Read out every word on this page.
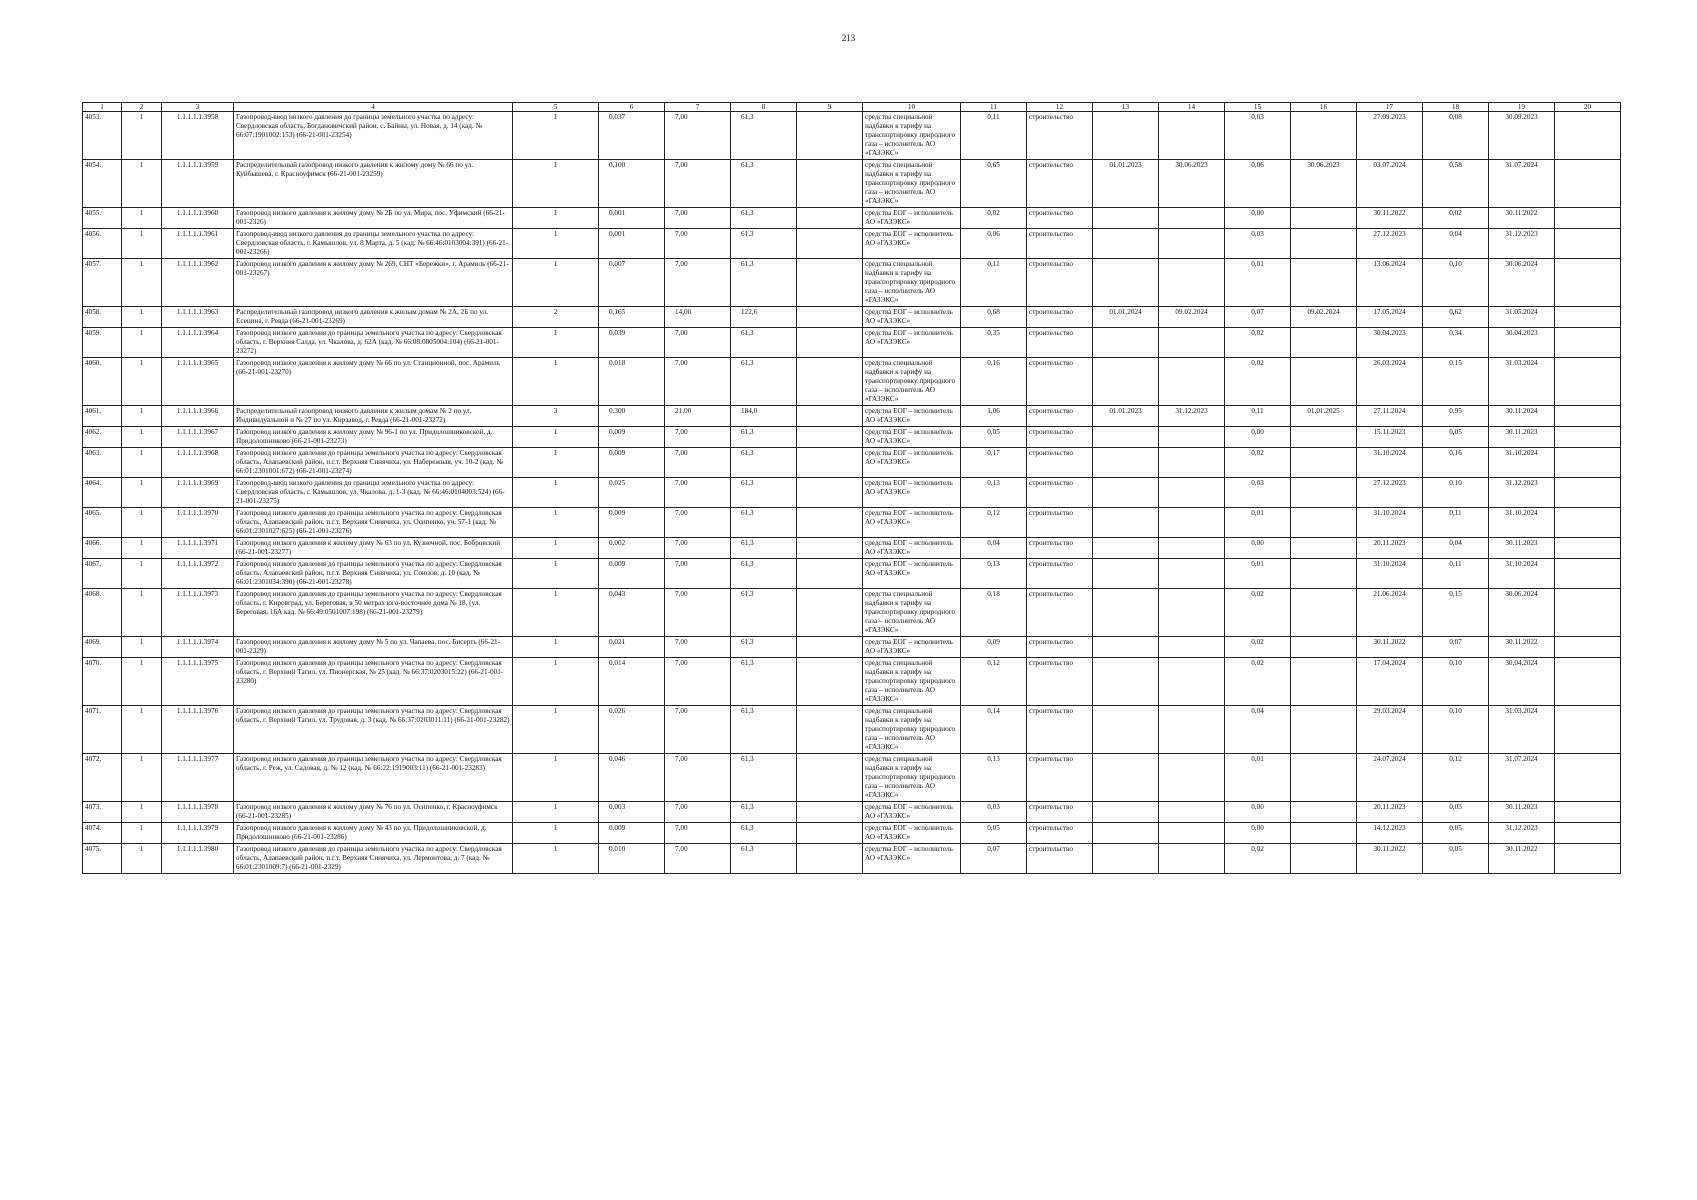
213
1	2	3	4	5	6	7	8	9	10	11	12	13	14	15	16	17	18	19	20
4053.	1	1.1.1.1.1.3958	Газопровод-ввод низкого давления до границы земельного участка по адресу: Свердловская область, Богдановичский район, с. Байны, ул. Новая, д. 14 (кад. № 66:07:1901002:153) (66-21-001-23254)	1	0,037	7,00	61,3		средства специальной надбавки к тарифу на транспортировку природного газа – исполнитель АО «ГАЗЭКС»	0,11	строительство			0,03		27.09.2023	0,08	30.09.2023	
4054.	1	1.1.1.1.1.3959	Распределительный газопровод низкого давления к жилому дому № 66 по ул. Куйбышева, г. Красноуфимск (66-21-001-23259)	1	0,100	7,00	61,3		средства специальной надбавки к тарифу на транспортировку природного газа – исполнитель АО «ГАЗЭКС»	0,65	строительство	01.01.2023	30.06.2023	0,06	30.06.2023	03.07.2024	0,58	31.07.2024	
4055.	1	1.1.1.1.1.3960	Газопровод низкого давления к жилому дому № 2Б по ул. Мира, пос. Уфимский (66-21-001-2326)	1	0,001	7,00	61,3		средства ЕОГ – исполнитель АО «ГАЗЭКС»	0,02	строительство			0,00		30.11.2022	0,02	30.11.2022	
4056.	1	1.1.1.1.1.3961	Газопровод-ввод низкого давления до границы земельного участка по адресу: Свердловская область, г. Камышлов, ул. 8 Марта, д. 5 (кад. № 66:46:0103004:391) (66-21-001-23266)	1	0,001	7,00	61,3		средства ЕОГ – исполнитель АО «ГАЗЭКС»	0,06	строительство			0,03		27.12.2023	0,04	31.12.2023	
4057.	1	1.1.1.1.1.3962	Газопровод низкого давления к жилому дому № 269, СНТ «Бережки», г. Арамиль (66-21-001-23267)	1	0,007	7,00	61,3		средства специальной надбавки к тарифу на транспортировку природного газа – исполнитель АО «ГАЗЭКС»	0,11	строительство			0,01		13.06.2024	0,10	30.06.2024	
4058.	1	1.1.1.1.1.3963	Распределительный газопровод низкого давления к жилым домам № 2А, 2Б по ул. Есенина, г. Ревда (66-21-001-23269)	2	0,165	14,00	122,6		средства ЕОГ – исполнитель АО «ГАЗЭКС»	0,68	строительство	01.01.2024	09.02.2024	0,07	09.02.2024	17.05.2024	0,62	31.05.2024	
4059.	1	1.1.1.1.1.3964	Газопровод низкого давления до границы земельного участка по адресу: Свердловская область, г. Верхняя Салда, ул. Чкалова, д. 62А (кад. № 66:08:0805004:104) (66-21-001-23272)	1	0,039	7,00	61,3		средства ЕОГ – исполнитель АО «ГАЗЭКС»	0,35	строительство			0,02		30.04.2023	0,34	30.04.2023	
4060.	1	1.1.1.1.1.3965	Газопровод низкого давления к жилому дому № 66 по ул. Станционной, пос. Арамиль (66-21-001-23270)	1	0,018	7,00	61,3		средства специальной надбавки к тарифу на транспортировку природного газа – исполнитель АО «ГАЗЭКС»	0,16	строительство			0,02		26.03.2024	0,15	31.03.2024	
4061.	1	1.1.1.1.1.3966	Распределительный газопровод низкого давления к жилым домам № 2 по ул. Индивидуальной и № 27 по ул. Кирзавод, г. Ревда (66-21-001-23272)	3	0,300	21,00	184,0		средства ЕОГ – исполнитель АО «ГАЗЭКС»	1,06	строительство	01.01.2023	31.12.2023	0,11	01.01.2025	27.11.2024	0,95	30.11.2024	
4062.	1	1.1.1.1.1.3967	Газопровод низкого давления к жилому дому № 96-1 по ул. Придолошниковской, д. Придолошниково (66-21-001-23273)	1	0,009	7,00	61,3		средства ЕОГ – исполнитель АО «ГАЗЭКС»	0,05	строительство			0,00		15.11.2023	0,05	30.11.2023	
4063.	1	1.1.1.1.1.3968	Газопровод низкого давления до границы земельного участка по адресу: Свердловская область, Алапаевский район, п.г.т. Верхняя Синячиха, ул. Набережная, уч. 10-2 (кад. № 66:01:2301001:672) (66-21-001-23274)	1	0,009	7,00	61,3		средства ЕОГ – исполнитель АО «ГАЗЭКС»	0,17	строительство			0,02		31.10.2024	0,16	31.10.2024	
4064.	1	1.1.1.1.1.3969	Газопровод-ввод низкого давления до границы земельного участка по адресу: Свердловская область, г. Камышлов, ул. Чкалова, д. 1-3 (кад. № 66:46:0104003:524) (66-21-001-23275)	1	0,025	7,00	61,3		средства ЕОГ – исполнитель АО «ГАЗЭКС»	0,13	строительство			0,03		27.12.2023	0,10	31.12.2023	
4065.	1	1.1.1.1.1.3970	Газопровод низкого давления до границы земельного участка по адресу: Свердловская область, Алапаевский район, п.г.т. Верхняя Синячиха, ул. Осипенко, уч. 57-1 (кад. № 66:01:2301027:625) (66-21-001-23276)	1	0,009	7,00	61,3		средства ЕОГ – исполнитель АО «ГАЗЭКС»	0,12	строительство			0,01		31.10.2024	0,11	31.10.2024	
4066.	1	1.1.1.1.1.3971	Газопровод низкого давления к жилому дому № 63 по ул. Кузнечной, пос. Бобровский (66-21-001-23277)	1	0,002	7,00	61,3		средства ЕОГ – исполнитель АО «ГАЗЭКС»	0,04	строительство			0,00		20.11.2023	0,04	30.11.2023	
4067.	1	1.1.1.1.1.3972	Газопровод низкого давления до границы земельного участка по адресу: Свердловская область, Алапаевский район, п.г.т. Верхняя Синячиха, ул. Союзов, д. 10 (кад. № 66:01:2301034:390) (66-21-001-23278)	1	0,009	7,00	61,3		средства ЕОГ – исполнитель АО «ГАЗЭКС»	0,13	строительство			0,01		31.10.2024	0,11	31.10.2024	
4068.	1	1.1.1.1.1.3973	Газопровод низкого давления до границы земельного участка по адресу: Свердловская область, г. Кировград, ул. Береговая, в 50 метрах юго-восточнее дома № 18, (ул. Береговая, 16А кад. № 66:49:0501007:198) (66-21-001-23279)	1	0,043	7,00	61,3		средства специальной надбавки к тарифу на транспортировку природного газа – исполнитель АО «ГАЗЭКС»	0,18	строительство			0,02		21.06.2024	0,15	30.06.2024	
4069.	1	1.1.1.1.1.3974	Газопровод низкого давления к жилому дому № 5 по ул. Чапаева, пос. Бисерть (66-21-001-2329)	1	0,021	7,00	61,3		средства ЕОГ – исполнитель АО «ГАЗЭКС»	0,09	строительство			0,02		30.11.2022	0,07	30.11.2022	
4070.	1	1.1.1.1.1.3975	Газопровод низкого давления до границы земельного участка по адресу: Свердловская область, г. Верхний Тагил, ул. Пионерская, № 25 (кад. № 66:37:0203015:22) (66-21-001-23280)	1	0,014	7,00	61,3		средства специальной надбавки к тарифу на транспортировку природного газа – исполнитель АО «ГАЗЭКС»	0,12	строительство			0,02		17.04.2024	0,10	30.04.2024	
4071.	1	1.1.1.1.1.3976	Газопровод низкого давления до границы земельного участка по адресу: Свердловская область, г. Верхний Тагил, ул. Трудовая, д. 3 (кад. № 66:37:0203011:11) (66-21-001-23282)	1	0,026	7,00	61,3		средства специальной надбавки к тарифу на транспортировку природного газа – исполнитель АО «ГАЗЭКС»	0,14	строительство			0,04		29.03.2024	0,10	31.03.2024	
4072.	1	1.1.1.1.1.3977	Газопровод низкого давления до границы земельного участка по адресу: Свердловская область, г. Реж, ул. Садовая, д. № 12 (кад. № 66:22:1919003:11) (66-21-001-23283)	1	0,046	7,00	61,3		средства специальной надбавки к тарифу на транспортировку природного газа – исполнитель АО «ГАЗЭКС»	0,13	строительство			0,01		24.07.2024	0,12	31.07.2024	
4073.	1	1.1.1.1.1.3978	Газопровод низкого давления к жилому дому № 76 по ул. Осипенко, г. Красноуфимск (66-21-001-23285)	1	0,003	7,00	61,3		средства ЕОГ – исполнитель АО «ГАЗЭКС»	0,03	строительство			0,00		20.11.2023	0,03	30.11.2023	
4074.	1	1.1.1.1.1.3979	Газопровод низкого давления к жилому дому № 43 по ул. Придолошниковской, д. Придолошниково (66-21-001-23286)	1	0,009	7,00	61,3		средства ЕОГ – исполнитель АО «ГАЗЭКС»	0,05	строительство			0,00		14.12.2023	0,05	31.12.2023	
4075.	1	1.1.1.1.1.3980	Газопровод низкого давления до границы земельного участка по адресу: Свердловская область, Алапаевский район, п.г.т. Верхняя Синячиха, ул. Лермонтова, д. 7 (кад. № 66:01:2301009:7) (66-21-001-2329)	1	0,010	7,00	61,3		средства ЕОГ – исполнитель АО «ГАЗЭКС»	0,07	строительство			0,02		30.11.2022	0,05	30.11.2022	
